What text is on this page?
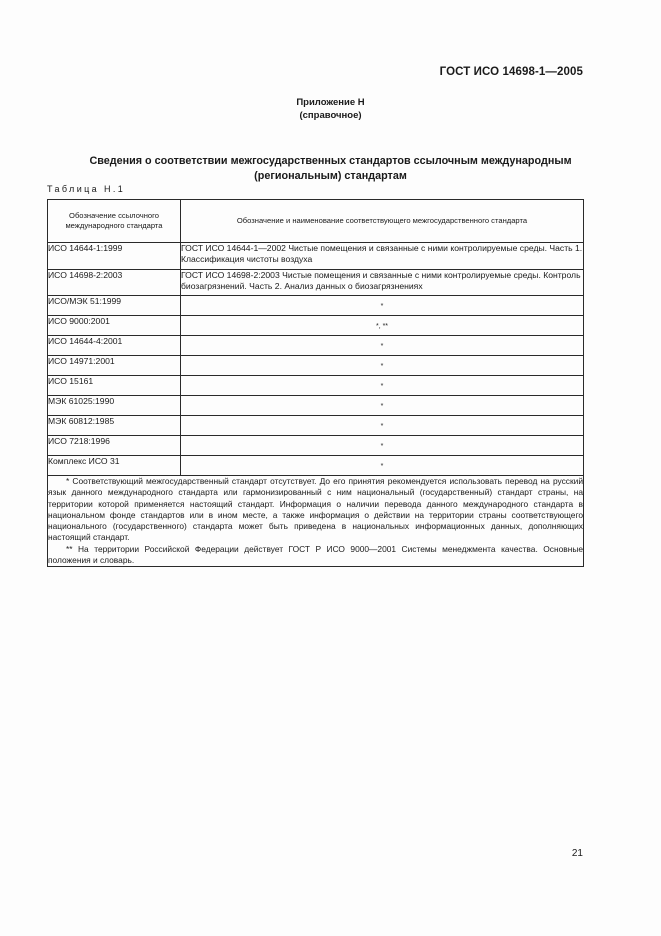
ГОСТ ИСО 14698-1—2005
Приложение Н
(справочное)
Сведения о соответствии межгосударственных стандартов ссылочным международным
(региональным) стандартам
Таблица Н.1
Обозначение ссылочного международного стандарта	Обозначение и наименование соответствующего межгосударственного стандарта
ИСО 14644-1:1999	ГОСТ ИСО 14644-1—2002 Чистые помещения и связанные с ними контролируемые среды. Часть 1. Классификация чистоты воздуха
ИСО 14698-2:2003	ГОСТ ИСО 14698-2:2003 Чистые помещения и связанные с ними контролируемые среды. Контроль биозагрязнений. Часть 2. Анализ данных о биозагрязнениях
ИСО/МЭК 51:1999	*
ИСО 9000:2001	*, **
ИСО 14644-4:2001	*
ИСО 14971:2001	*
ИСО 15161	*
МЭК 61025:1990	*
МЭК 60812:1985	*
ИСО 7218:1996	*
Комплекс ИСО 31	*

* Соответствующий межгосударственный стандарт отсутствует. До его принятия рекомендуется использовать перевод на русский язык данного международного стандарта или гармонизированный с ним национальный (государственный) стандарт страны, на территории которой применяется настоящий стандарт. Информация о наличии перевода данного международного стандарта в национальном фонде стандартов или в ином месте, а также информация о действии на территории страны соответствующего национального (государственного) стандарта может быть приведена в национальных информационных данных, дополняющих настоящий стандарт.

** На территории Российской Федерации действует ГОСТ Р ИСО 9000—2001 Системы менеджмента качества. Основные положения и словарь.	

21
